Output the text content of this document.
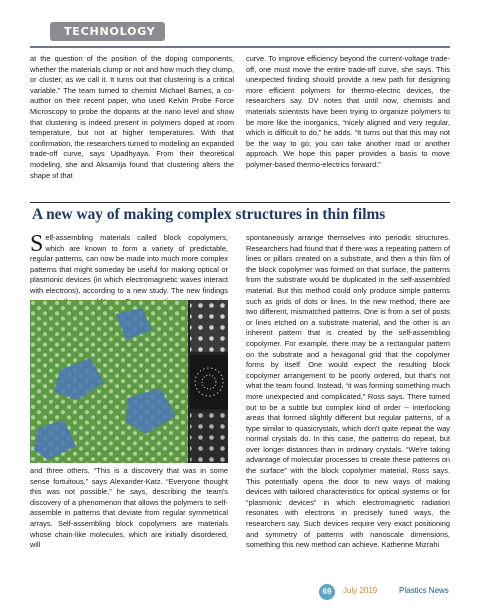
TECHNOLOGY

at the question of the position of the doping components, whether the materials clump or not and how much they clump, or cluster, as we call it. It turns out that clustering is a critical variable.” The team turned to chemist Michael Barnes, a co-author on their recent paper, who used Kelvin Probe Force Microscopy to probe the dopants at the nano level and show that clustering is indeed present in polymers doped at room temperature, but not at higher temperatures. With that confirmation, the researchers turned to modeling an expanded trade-off curve, says Upadhyaya. From their theoretical modeling, she and Aksamija found that clustering alters the shape of that

curve. To improve efficiency beyond the current-voltage trade-off, one must move the entire trade-off curve, she says. This unexpected finding should provide a new path for designing more efficient polymers for thermo-electric devices, the researchers say. DV notes that until now, chemists and materials scientists have been trying to organize polymers to be more like the inorganics, “nicely aligned and very regular, which is difficult to do,” he adds. “It turns out that this may not be the way to go; you can take another road or another approach. We hope this paper provides a basis to move polymer-based thermo-electrics forward.”

A new way of making complex structures in thin films
S elf-assembling materials called block copolymers, which are known to form a variety of predictable, regular patterns, can now be made into much more complex patterns that might someday be useful for making optical or plasmonic devices (in which electromagnetic waves interact with electrons), according to a new study. The new findings

and three others. “This is a discovery that was in some sense fortuitous,” says Alexander-Katz. “Everyone thought this was not possible,” he says, describing the team's discovery of a phenomenon that allows the polymers to self-assemble in patterns that deviate from regular symmetrical arrays. Self-assembling block copolymers are materials whose chain-like molecules, which are initially disordered, will

spontaneously arrange themselves into periodic structures. Researchers had found that if there was a repeating pattern of lines or pillars created on a substrate, and then a thin film of the block copolymer was formed on that surface, the patterns from the substrate would be duplicated in the self-assembled material. But this method could only produce simple patterns such as grids of dots or lines. In the new method, there are two different, mismatched patterns. One is from a set of posts or lines etched on a substrate material, and the other is an inherent pattern that is created by the self-assembling copolymer. For example, there may be a rectangular pattern on the substrate and a hexagonal grid that the copolymer forms by itself. One would expect the resulting block copolymer arrangement to be poorly ordered, but that's not what the team found. Instead, “it was forming something much more unexpected and complicated,” Ross says. There turned out to be a subtle but complex kind of order -- interlocking areas that formed slightly different but regular patterns, of a type similar to quasicrystals, which don't quite repeat the way normal crystals do. In this case, the patterns do repeat, but over longer distances than in ordinary crystals. “We're taking advantage of molecular processes to create these patterns on the surface” with the block copolymer material, Ross says. This potentially opens the door to new ways of making devices with tailored characteristics for optical systems or for “plasmonic devices” in which electromagnetic radiation resonates with electrons in precisely tuned ways, the researchers say. Such devices require very exact positioning and symmetry of patterns with nanoscale dimensions, something this new method can achieve. Katherine Mizrahi

69	July 2019	Plastics News
